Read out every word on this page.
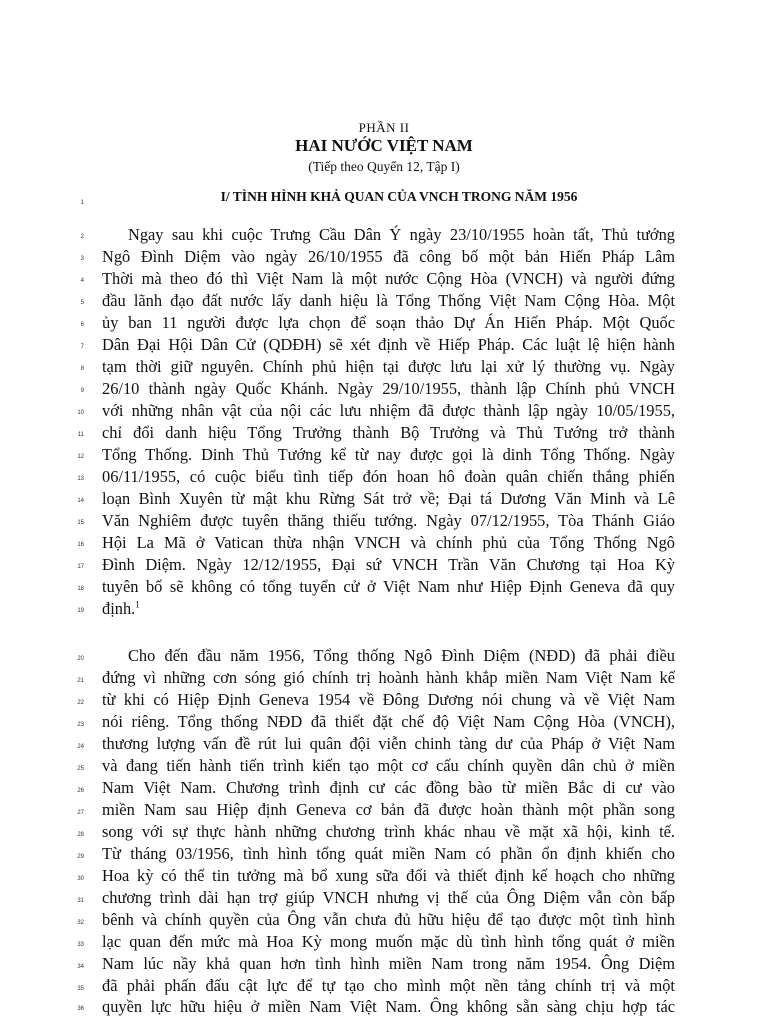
PHẦN II
HAI NƯỚC VIỆT NAM
(Tiếp theo Quyển 12, Tập I)
1	I/ TÌNH HÌNH KHẢ QUAN CỦA VNCH TRONG NĂM 1956
2	Ngay sau khi cuộc Trưng Cầu Dân Ý ngày 23/10/1955 hoàn tất, Thủ tướng
3 Ngô Đình Diệm vào ngày 26/10/1955 đã công bố một bản Hiến Pháp Lâm
4 Thời mà theo đó thì Việt Nam là một nước Cộng Hòa (VNCH) và người đứng
5 đầu lãnh đạo đất nước lấy danh hiệu là Tổng Thống Việt Nam Cộng Hòa. Một
6 ủy ban 11 người được lựa chọn để soạn thảo Dự Án Hiến Pháp. Một Quốc
7 Dân Đại Hội Dân Cử (QDĐH) sẽ xét định về Hiếp Pháp. Các luật lệ hiện hành
8 tạm thời giữ nguyên. Chính phủ hiện tại được lưu lại xử lý thường vụ. Ngày
9 26/10 thành ngày Quốc Khánh. Ngày 29/10/1955, thành lập Chính phủ VNCH
10 với những nhân vật của nội các lưu nhiệm đã được thành lập ngày 10/05/1955,
11 chỉ đổi danh hiệu Tổng Trưởng thành Bộ Trưởng và Thủ Tướng trở thành
12 Tổng Thống. Dinh Thủ Tướng kể từ nay được gọi là dinh Tổng Thống. Ngày
13 06/11/1955, có cuộc biểu tình tiếp đón hoan hô đoàn quân chiến thắng phiến
14 loạn Bình Xuyên từ mật khu Rừng Sát trở về; Đại tá Dương Văn Minh và Lê
15 Văn Nghiêm được tuyên thăng thiếu tướng. Ngày 07/12/1955, Tòa Thánh Giáo
16 Hội La Mã ở Vatican thừa nhận VNCH và chính phủ của Tổng Thống Ngô
17 Đình Diệm. Ngày 12/12/1955, Đại sứ VNCH Trần Văn Chương tại Hoa Kỳ
18 tuyên bố sẽ không có tổng tuyển cử ở Việt Nam như Hiệp Định Geneva đã quy
19 định.$^1$
20	Cho đến đầu năm 1956, Tổng thống Ngô Đình Diệm (NĐD) đã phải điều
21 đứng vì những cơn sóng gió chính trị hoành hành khắp miền Nam Việt Nam kể
22 từ khi có Hiệp Định Geneva 1954 về Đông Dương nói chung và về Việt Nam
23 nói riêng. Tổng thống NĐD đã thiết đặt chế độ Việt Nam Cộng Hòa (VNCH),
24 thương lượng vấn đề rút lui quân đội viễn chinh tàng dư của Pháp ở Việt Nam
25 và đang tiến hành tiến trình kiến tạo một cơ cấu chính quyền dân chủ ở miền
26 Nam Việt Nam. Chương trình định cư các đồng bào từ miền Bắc di cư vào
27 miền Nam sau Hiệp định Geneva cơ bản đã được hoàn thành một phần song
28 song với sự thực hành những chương trình khác nhau về mặt xã hội, kinh tế.
29 Từ tháng 03/1956, tình hình tổng quát miền Nam có phần ổn định khiến cho
30 Hoa kỳ có thể tin tưởng mà bổ xung sữa đổi và thiết định kế hoạch cho những
31 chương trình dài hạn trợ giúp VNCH nhưng vị thế của Ông Diệm vẫn còn bấp
32 bênh và chính quyền của Ông vẫn chưa đủ hữu hiệu để tạo được một tình hình
33 lạc quan đến mức mà Hoa Kỳ mong muốn mặc dù tình hình tổng quát ở miền
34 Nam lúc nầy khả quan hơn tình hình miền Nam trong năm 1954. Ông Diệm
35 đã phải phấn đấu cật lực để tự tạo cho mình một nền tảng chính trị và một
36 quyền lực hữu hiệu ở miền Nam Việt Nam. Ông không sẵn sàng chịu hợp tác
